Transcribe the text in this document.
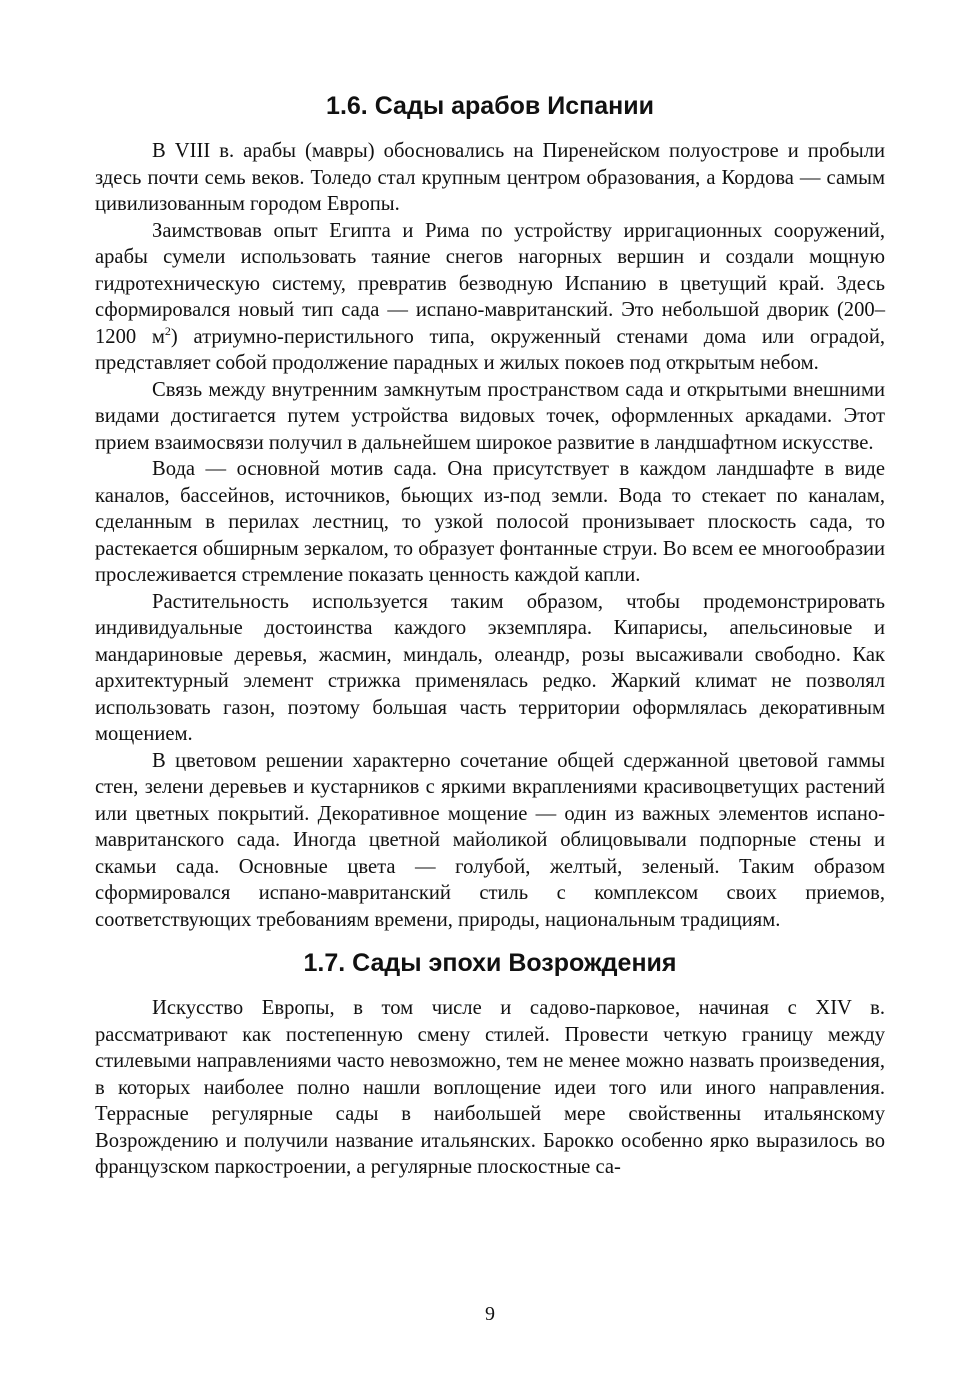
1.6. Сады арабов Испании

В VIII в. арабы (мавры) обосновались на Пиренейском полуострове и пробыли здесь почти семь веков. Толедо стал крупным центром образования, а Кордова — самым цивилизованным городом Европы.

Заимствовав опыт Египта и Рима по устройству ирригационных сооружений, арабы сумели использовать таяние снегов нагорных вершин и создали мощную гидротехническую систему, превратив безводную Испанию в цветущий край. Здесь сформировался новый тип сада — испано-мавританский. Это небольшой дворик (200–1200 $м^2$) атриумно-перистильного типа, окруженный стенами дома или оградой, представляет собой продолжение парадных и жилых покоев под открытым небом.

Связь между внутренним замкнутым пространством сада и открытыми внешними видами достигается путем устройства видовых точек, оформленных аркадами. Этот прием взаимосвязи получил в дальнейшем широкое развитие в ландшафтном искусстве.

Вода — основной мотив сада. Она присутствует в каждом ландшафте в виде каналов, бассейнов, источников, бьющих из-под земли. Вода то стекает по каналам, сделанным в перилах лестниц, то узкой полосой пронизывает плоскость сада, то растекается обширным зеркалом, то образует фонтанные струи. Во всем ее многообразии прослеживается стремление показать ценность каждой капли.

Растительность используется таким образом, чтобы продемонстрировать индивидуальные достоинства каждого экземпляра. Кипарисы, апельсиновые и мандариновые деревья, жасмин, миндаль, олеандр, розы высаживали свободно. Как архитектурный элемент стрижка применялась редко. Жаркий климат не позволял использовать газон, поэтому большая часть территории оформлялась декоративным мощением.

В цветовом решении характерно сочетание общей сдержанной цветовой гаммы стен, зелени деревьев и кустарников с яркими вкраплениями красивоцветущих растений или цветных покрытий. Декоративное мощение — один из важных элементов испано-мавританского сада. Иногда цветной майоликой облицовывали подпорные стены и скамьи сада. Основные цвета — голубой, желтый, зеленый. Таким образом сформировался испано-мавританский стиль с комплексом своих приемов, соответствующих требованиям времени, природы, национальным традициям.

1.7. Сады эпохи Возрождения

Искусство Европы, в том числе и садово-парковое, начиная с XIV в. рассматривают как постепенную смену стилей. Провести четкую границу между стилевыми направлениями часто невозможно, тем не менее можно назвать произведения, в которых наиболее полно нашли воплощение идеи того или иного направления. Террасные регулярные сады в наибольшей мере свойственны итальянскому Возрождению и получили название итальянских. Барокко особенно ярко выразилось во французском паркостроении, а регулярные плоскостные са-

9
